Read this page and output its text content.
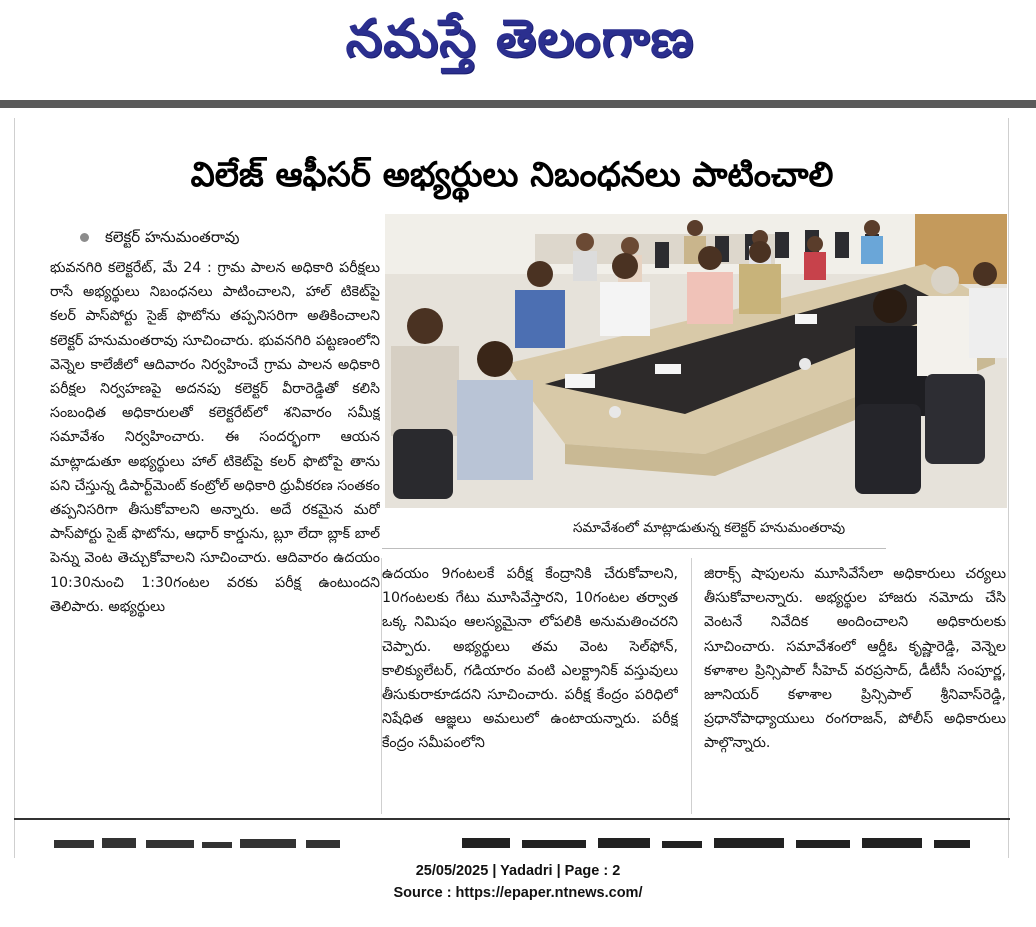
నమస్తే తెలంగాణ
విలేజ్ ఆఫీసర్ అభ్యర్థులు నిబంధనలు పాటించాలి
కలెక్టర్ హనుమంతరావు
భువనగిరి కలెక్టరేట్, మే 24 : గ్రామ పాలన అధికారి పరీక్షలు రాసే అభ్యర్థులు నిబంధనలు పాటించాలని, హాల్ టికెట్‌పై కలర్ పాస్‌పోర్టు సైజ్ ఫొటోను తప్పనిసరిగా అతికించాలని కలెక్టర్ హనుమంతరావు సూచించారు. భువనగిరి పట్టణంలోని వెన్నెల కాలేజీలో ఆదివారం నిర్వహించే గ్రామ పాలన అధికారి పరీక్షల నిర్వహణపై అదనపు కలెక్టర్ వీరారెడ్డితో కలిసి సంబంధిత అధికారులతో కలెక్టరేట్‌లో శనివారం సమీక్ష సమావేశం నిర్వహించారు. ఈ సందర్భంగా ఆయన మాట్లాడుతూ అభ్యర్థులు హాల్ టికెట్‌పై కలర్ ఫొటోపై తాను పని చేస్తున్న డిపార్ట్‌మెంట్ కంట్రోల్ అధికారి ధ్రువీకరణ సంతకం తప్పనిసరిగా తీసుకోవాలని అన్నారు. అదే రకమైన మరో పాస్‌పోర్టు సైజ్ ఫొటోను, ఆధార్ కార్డును, బ్లూ లేదా బ్లాక్ బాల్ పెన్ను వెంట తెచ్చుకోవాలని సూచించారు. ఆదివారం ఉదయం 10:30నుంచి 1:30గంటల వరకు పరీక్ష ఉంటుందని తెలిపారు. అభ్యర్థులు
సమావేశంలో మాట్లాడుతున్న కలెక్టర్ హనుమంతరావు
ఉదయం 9గంటలకే పరీక్ష కేంద్రానికి చేరుకోవాలని, 10గంటలకు గేటు మూసివేస్తారని, 10గంటల తర్వాత ఒక్క నిమిషం ఆలస్యమైనా లోపలికి అనుమతించరని చెప్పారు. అభ్యర్థులు తమ వెంట సెల్‌ఫోన్, కాలిక్యులేటర్, గడియారం వంటి ఎలక్ట్రానిక్ వస్తువులు తీసుకురాకూడదని సూచించారు. పరీక్ష కేంద్రం పరిధిలో నిషేధిత ఆజ్ఞలు అమలులో ఉంటాయన్నారు. పరీక్ష కేంద్రం సమీపంలోని
జిరాక్స్ షాపులను మూసివేసేలా అధికారులు చర్యలు తీసుకోవాలన్నారు. అభ్యర్థుల హాజరు నమోదు చేసి వెంటనే నివేదిక అందించాలని అధికారులకు సూచించారు. సమావేశంలో ఆర్డీఓ కృష్ణారెడ్డి, వెన్నెల కళాశాల ప్రిన్సిపాల్ సీహెచ్ వరప్రసాద్, డీటీసీ సంపూర్ణ, జూనియర్ కళాశాల ప్రిన్సిపాల్ శ్రీనివాస్‌రెడ్డి, ప్రధానోపాధ్యాయులు రంగరాజన్, పోలీస్ అధికారులు పాల్గొన్నారు.
25/05/2025 | Yadadri | Page : 2
Source : https://epaper.ntnews.com/
